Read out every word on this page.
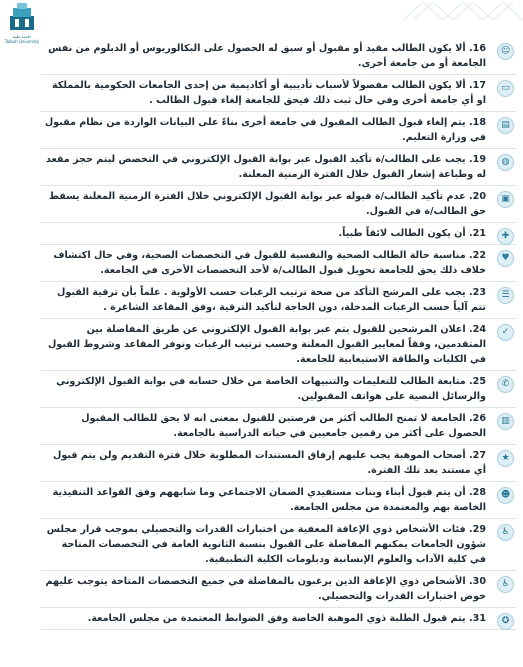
جامعة طيبة
Taibah University
☺
16. ألا يكون الطالب مقيد أو مقبول أو سبق له الحصول على البكالوريوس أو الدبلوم من نفس الجامعة أو من جامعة أخرى.
▭
17. ألا يكون الطالب مفصولاً لأسباب تأديبية أو أكاديمية من إحدى الجامعات الحكومية بالمملكة او أي جامعة أخرى وفي حال ثبت ذلك فيحق للجامعة إلغاء قبول الطالب .
▤
18. يتم إلغاء قبول الطالب المقبول في جامعة أخرى بناءً على البيانات الواردة من نظام مقبول في وزارة التعليم.
◍
19. يجب على الطالب/ة تأكيد القبول عبر بوابة القبول الإلكتروني في التخصص ليتم حجز مقعد له وطباعة إشعار القبول خلال الفترة الزمنية المعلنة.
▣
20. عدم تأكيد الطالب/ة قبوله عبر بوابة القبول الإلكتروني خلال الفترة الزمنية المعلنة يسقط حق الطالب/ة في القبول.
✚
21. أن يكون الطالب لائقاً طبياً.
♥
22. مناسبة حالة الطالب الصحية والنفسية للقبول في التخصصات الصحية، وفي حال اكتشاف خلاف ذلك يحق للجامعة تحويل قبول الطالب/ة لأحد التخصصات الأخرى في الجامعة.
☰
23. يجب على المرشح التأكد من صحة ترتيب الرغبات حسب الأولوية . علماً بأن ترقية القبول تتم آلياً حسب الرغبات المدخلة، دون الحاجة لتأكيد الترقية ،وفق المقاعد الشاغرة .
✓
24. اعلان المرشحين للقبول يتم عبر بوابة القبول الإلكتروني عن طريق المفاضلة بين المتقدمين، وفقاً لمعايير القبول المعلنة وحسب ترتيب الرغبات وتوفر المقاعد وشروط القبول في الكليات والطاقة الاستيعابية للجامعة.
✆
25. متابعة الطالب للتعليمات والتنبيهات الخاصة من خلال حسابه في بوابة القبول الإلكتروني والرسائل النصية على هواتف المقبولين.
▥
26. الجامعة لا تمنح الطالب أكثر من فرصتين للقبول بمعنى انه لا يحق للطالب المقبول الحصول على أكثر من رقمين جامعيين في حياته الدراسية بالجامعة.
★
27. أصحاب الموهبة يجب عليهم إرفاق المستندات المطلوبة خلال فترة التقديم ولن يتم قبول أي مستند بعد تلك الفترة.
☻
28. أن يتم قبول أبناء وبنات مستفيدي الضمان الاجتماعي وما شابههم وفق القواعد التنفيذية الخاصة بهم والمعتمدة من مجلس الجامعة.
♿
29. فئات الأشخاص ذوي الإعاقة المعفية من اختبارات القدرات والتحصيلي بموجب قرار مجلس شؤون الجامعات يمكنهم المفاضلة على القبول بنسبة الثانوية العامة في التخصصات المتاحة في كلية الآداب والعلوم الإنسانية ودبلومات الكلية التطبيقية.
♿
30. الأشخاص ذوي الإعاقة الذين يرغبون بالمفاضلة في جميع التخصصات المتاحة يتوجب عليهم خوض اختبارات القدرات والتحصيلي.
✪
31. يتم قبول الطلبة ذوي الموهبة الخاصة وفق الضوابط المعتمدة من مجلس الجامعة.
